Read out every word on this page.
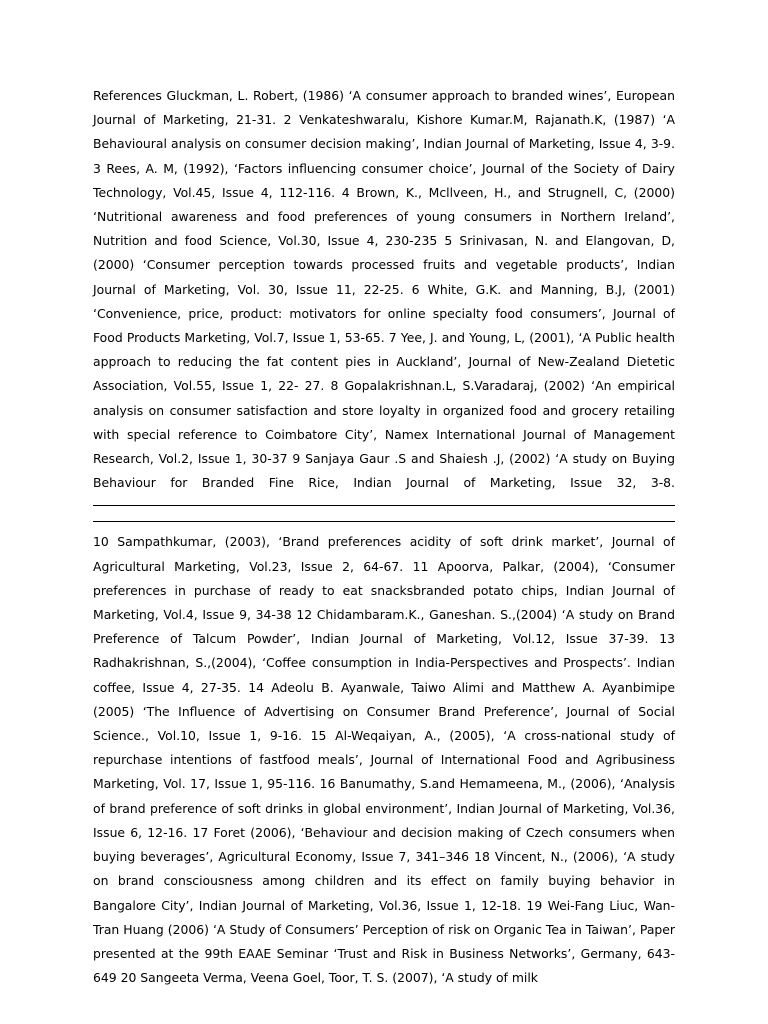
References Gluckman, L. Robert, (1986) ‘A consumer approach to branded wines’, European Journal of Marketing, 21-31. 2 Venkateshwaralu, Kishore Kumar.M, Rajanath.K, (1987) ‘A Behavioural analysis on consumer decision making’, Indian Journal of Marketing, Issue 4, 3-9. 3 Rees, A. M, (1992), ‘Factors influencing consumer choice’, Journal of the Society of Dairy Technology, Vol.45, Issue 4, 112-116. 4 Brown, K., Mcllveen, H., and Strugnell, C, (2000) ‘Nutritional awareness and food preferences of young consumers in Northern Ireland’, Nutrition and food Science, Vol.30, Issue 4, 230-235 5 Srinivasan, N. and Elangovan, D, (2000) ‘Consumer perception towards processed fruits and vegetable products’, Indian Journal of Marketing, Vol. 30, Issue 11, 22-25. 6 White, G.K. and Manning, B.J, (2001) ‘Convenience, price, product: motivators for online specialty food consumers’, Journal of Food Products Marketing, Vol.7, Issue 1, 53-65. 7 Yee, J. and Young, L, (2001), ‘A Public health approach to reducing the fat content pies in Auckland’, Journal of New-Zealand Dietetic Association, Vol.55, Issue 1, 22- 27. 8 Gopalakrishnan.L, S.Varadaraj, (2002) ‘An empirical analysis on consumer satisfaction and store loyalty in organized food and grocery retailing with special reference to Coimbatore City’, Namex International Journal of Management Research, Vol.2, Issue 1, 30-37 9 Sanjaya Gaur .S and Shaiesh .J, (2002) ‘A study on Buying Behaviour for Branded Fine Rice, Indian Journal of Marketing, Issue 32, 3-8.

10 Sampathkumar, (2003), ‘Brand preferences acidity of soft drink market’, Journal of Agricultural Marketing, Vol.23, Issue 2, 64-67. 11 Apoorva, Palkar, (2004), ‘Consumer preferences in purchase of ready to eat snacksbranded potato chips, Indian Journal of Marketing, Vol.4, Issue 9, 34-38 12 Chidambaram.K., Ganeshan. S.,(2004) ‘A study on Brand Preference of Talcum Powder’, Indian Journal of Marketing, Vol.12, Issue 37-39. 13 Radhakrishnan, S.,(2004), ‘Coffee consumption in India-Perspectives and Prospects’. Indian coffee, Issue 4, 27-35. 14 Adeolu B. Ayanwale, Taiwo Alimi and Matthew A. Ayanbimipe (2005) ‘The Influence of Advertising on Consumer Brand Preference’, Journal of Social Science., Vol.10, Issue 1, 9-16. 15 Al-Weqaiyan, A., (2005), ‘A cross-national study of repurchase intentions of fastfood meals’, Journal of International Food and Agribusiness Marketing, Vol. 17, Issue 1, 95-116. 16 Banumathy, S.and Hemameena, M., (2006), ‘Analysis of brand preference of soft drinks in global environment’, Indian Journal of Marketing, Vol.36, Issue 6, 12-16. 17 Foret (2006), ‘Behaviour and decision making of Czech consumers when buying beverages’, Agricultural Economy, Issue 7, 341–346 18 Vincent, N., (2006), ‘A study on brand consciousness among children and its effect on family buying behavior in Bangalore City’, Indian Journal of Marketing, Vol.36, Issue 1, 12-18. 19 Wei-Fang Liuc, Wan-Tran Huang (2006) ‘A Study of Consumers’ Perception of risk on Organic Tea in Taiwan’, Paper presented at the 99th EAAE Seminar ‘Trust and Risk in Business Networks’, Germany, 643-649 20 Sangeeta Verma, Veena Goel, Toor, T. S. (2007), ‘A study of milk
